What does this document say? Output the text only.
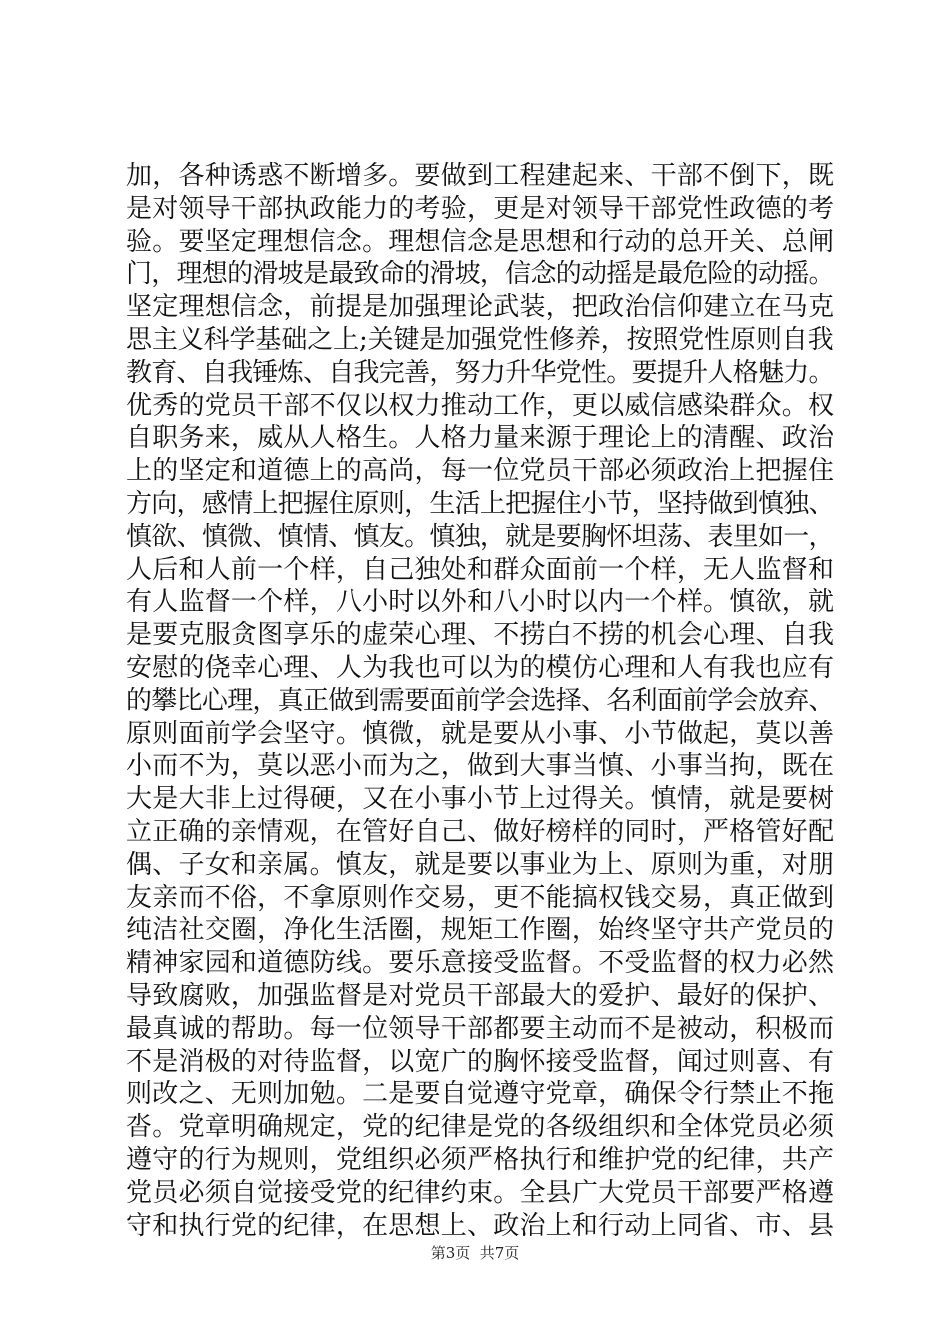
加，各种诱惑不断增多。要做到工程建起来、干部不倒下，既
是对领导干部执政能力的考验，更是对领导干部党性政德的考
验。要坚定理想信念。理想信念是思想和行动的总开关、总闸
门，理想的滑坡是最致命的滑坡，信念的动摇是最危险的动摇。
坚定理想信念，前提是加强理论武装，把政治信仰建立在马克
思主义科学基础之上;关键是加强党性修养，按照党性原则自我
教育、自我锤炼、自我完善，努力升华党性。要提升人格魅力。
优秀的党员干部不仅以权力推动工作，更以威信感染群众。权
自职务来，威从人格生。人格力量来源于理论上的清醒、政治
上的坚定和道德上的高尚，每一位党员干部必须政治上把握住
方向，感情上把握住原则，生活上把握住小节，坚持做到慎独、
慎欲、慎微、慎情、慎友。慎独，就是要胸怀坦荡、表里如一，
人后和人前一个样，自己独处和群众面前一个样，无人监督和
有人监督一个样，八小时以外和八小时以内一个样。慎欲，就
是要克服贪图享乐的虚荣心理、不捞白不捞的机会心理、自我
安慰的侥幸心理、人为我也可以为的模仿心理和人有我也应有
的攀比心理，真正做到需要面前学会选择、名利面前学会放弃、
原则面前学会坚守。慎微，就是要从小事、小节做起，莫以善
小而不为，莫以恶小而为之，做到大事当慎、小事当拘，既在
大是大非上过得硬，又在小事小节上过得关。慎情，就是要树
立正确的亲情观，在管好自己、做好榜样的同时，严格管好配
偶、子女和亲属。慎友，就是要以事业为上、原则为重，对朋
友亲而不俗，不拿原则作交易，更不能搞权钱交易，真正做到
纯洁社交圈，净化生活圈，规矩工作圈，始终坚守共产党员的
精神家园和道德防线。要乐意接受监督。不受监督的权力必然
导致腐败，加强监督是对党员干部最大的爱护、最好的保护、
最真诚的帮助。每一位领导干部都要主动而不是被动，积极而
不是消极的对待监督，以宽广的胸怀接受监督，闻过则喜、有
则改之、无则加勉。二是要自觉遵守党章，确保令行禁止不拖
沓。党章明确规定，党的纪律是党的各级组织和全体党员必须
遵守的行为规则，党组织必须严格执行和维护党的纪律，共产
党员必须自觉接受党的纪律约束。全县广大党员干部要严格遵
守和执行党的纪律，在思想上、政治上和行动上同省、市、县
第3页  共7页
